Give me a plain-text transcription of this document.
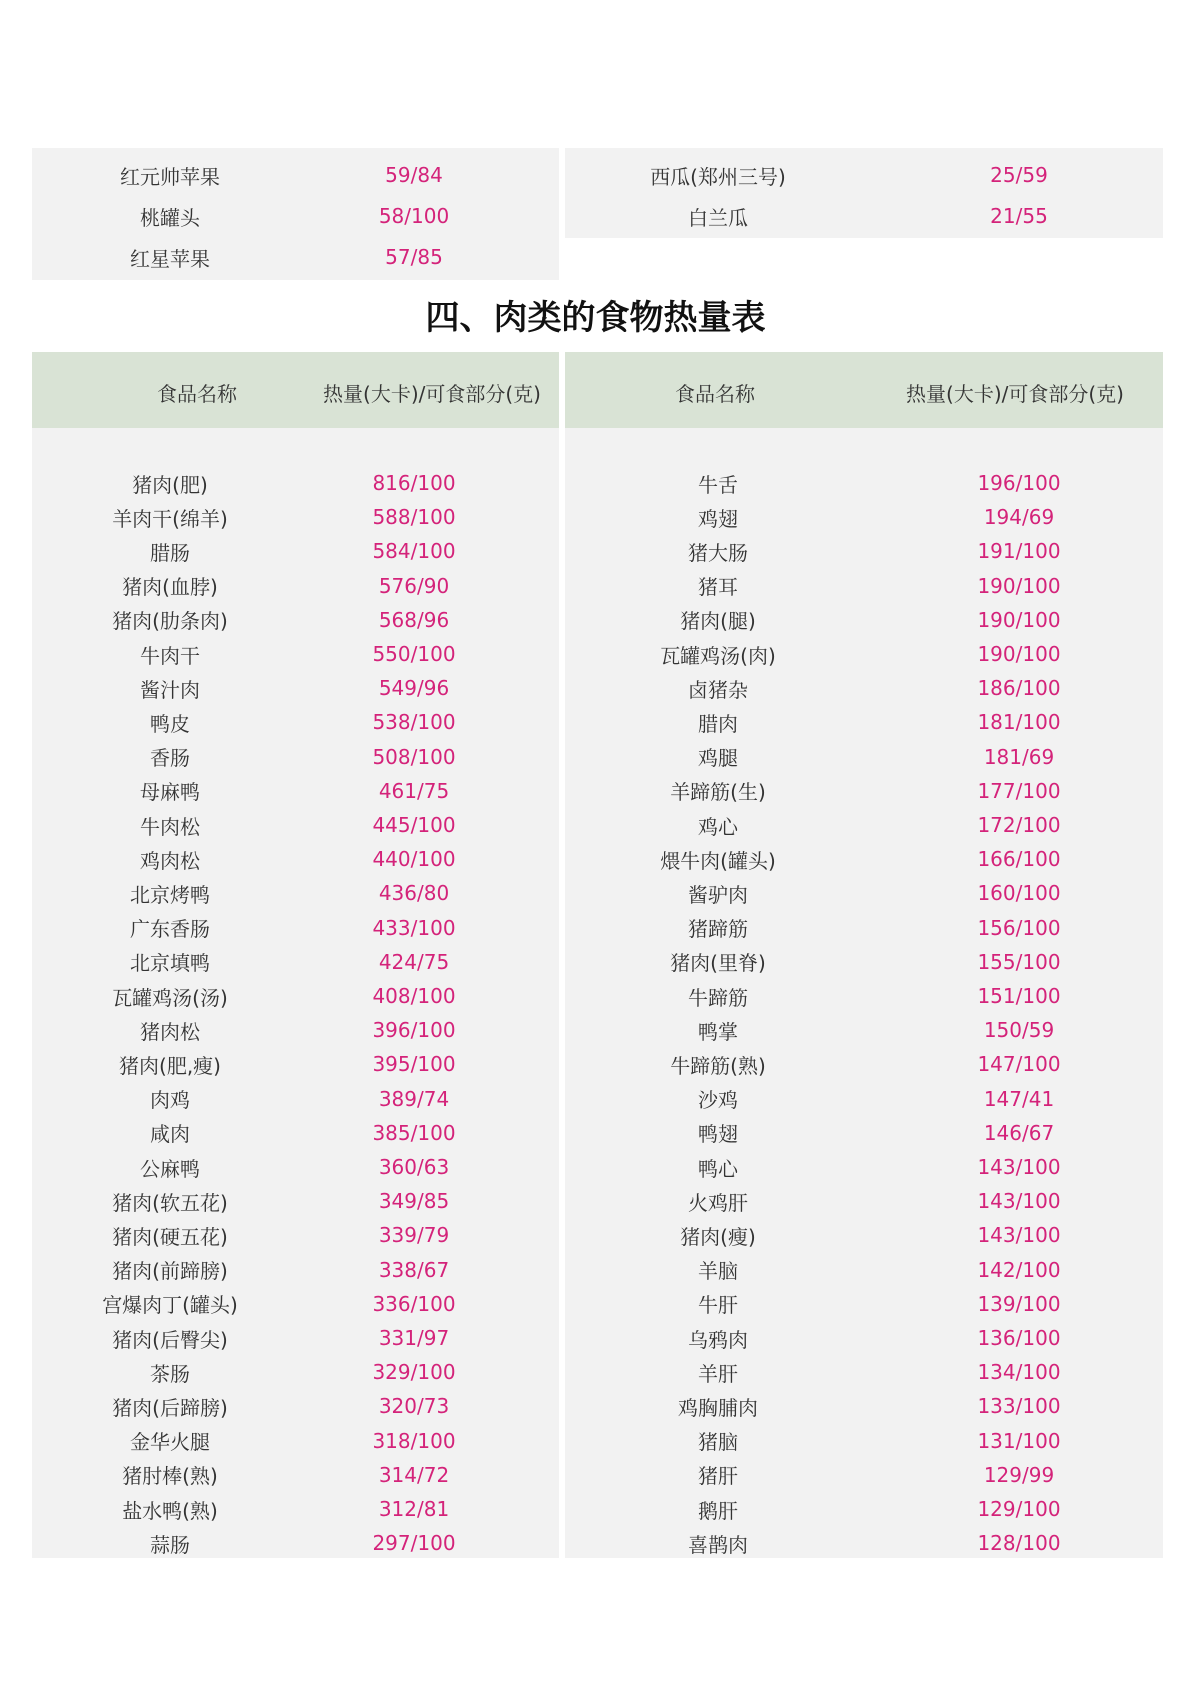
红元帅苹果	59/84
桃罐头	58/100
红星苹果	57/85
西瓜(郑州三号)	25/59
白兰瓜	21/55
四、肉类的食物热量表
食品名称	热量(大卡)/可食部分(克)	食品名称	热量(大卡)/可食部分(克)
猪肉(肥)	816/100
羊肉干(绵羊)	588/100
腊肠	584/100
猪肉(血脖)	576/90
猪肉(肋条肉)	568/96
牛肉干	550/100
酱汁肉	549/96
鸭皮	538/100
香肠	508/100
母麻鸭	461/75
牛肉松	445/100
鸡肉松	440/100
北京烤鸭	436/80
广东香肠	433/100
北京填鸭	424/75
瓦罐鸡汤(汤)	408/100
猪肉松	396/100
猪肉(肥,瘦)	395/100
肉鸡	389/74
咸肉	385/100
公麻鸭	360/63
猪肉(软五花)	349/85
猪肉(硬五花)	339/79
猪肉(前蹄膀)	338/67
宫爆肉丁(罐头)	336/100
猪肉(后臀尖)	331/97
茶肠	329/100
猪肉(后蹄膀)	320/73
金华火腿	318/100
猪肘棒(熟)	314/72
盐水鸭(熟)	312/81
蒜肠	297/100
牛舌	196/100
鸡翅	194/69
猪大肠	191/100
猪耳	190/100
猪肉(腿)	190/100
瓦罐鸡汤(肉)	190/100
卤猪杂	186/100
腊肉	181/100
鸡腿	181/69
羊蹄筋(生)	177/100
鸡心	172/100
煨牛肉(罐头)	166/100
酱驴肉	160/100
猪蹄筋	156/100
猪肉(里脊)	155/100
牛蹄筋	151/100
鸭掌	150/59
牛蹄筋(熟)	147/100
沙鸡	147/41
鸭翅	146/67
鸭心	143/100
火鸡肝	143/100
猪肉(瘦)	143/100
羊脑	142/100
牛肝	139/100
乌鸦肉	136/100
羊肝	134/100
鸡胸脯肉	133/100
猪脑	131/100
猪肝	129/99
鹅肝	129/100
喜鹊肉	128/100
